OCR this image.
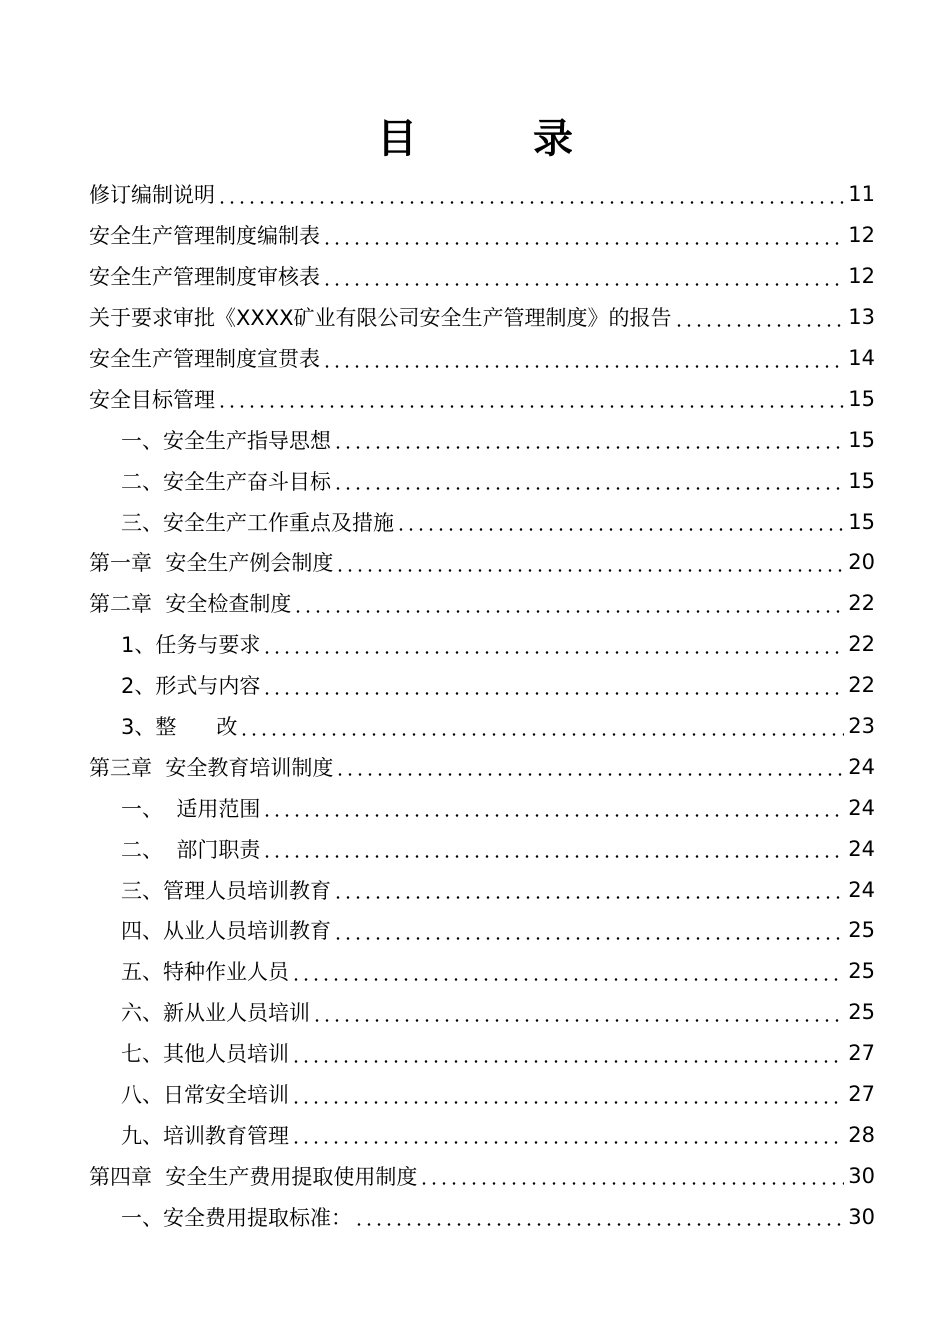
目　录
修订编制说明	11
安全生产管理制度编制表	12
安全生产管理制度审核表	12
关于要求审批《XXXX矿业有限公司安全生产管理制度》的报告	13
安全生产管理制度宣贯表	14
安全目标管理	15
一、安全生产指导思想	15
二、安全生产奋斗目标	15
三、安全生产工作重点及措施	15
第一章  安全生产例会制度	20
第二章  安全检查制度	22
1、任务与要求	22
2、形式与内容	22
3、整      改	23
第三章  安全教育培训制度	24
一、  适用范围	24
二、  部门职责	24
三、管理人员培训教育	24
四、从业人员培训教育	25
五、特种作业人员	25
六、新从业人员培训	25
七、其他人员培训	27
八、日常安全培训	27
九、培训教育管理	28
第四章  安全生产费用提取使用制度	30
一、安全费用提取标准：	30
